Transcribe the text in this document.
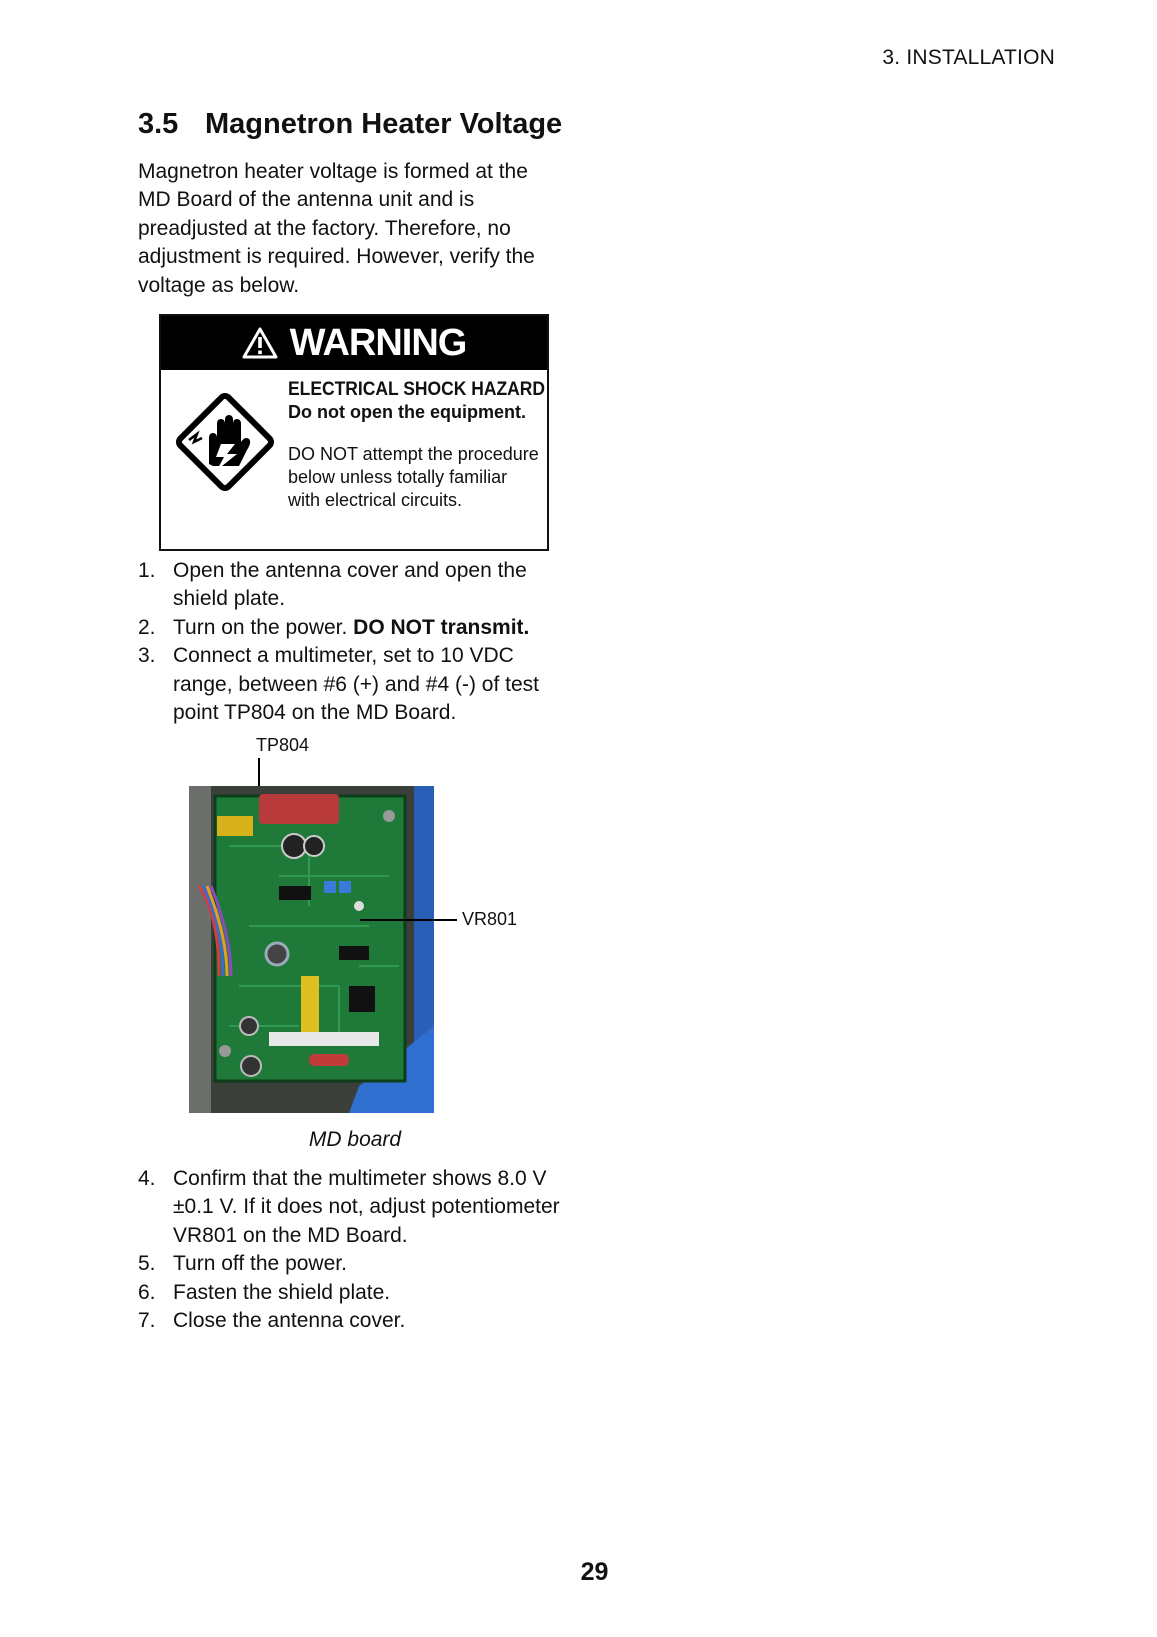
3. INSTALLATION
3.5 Magnetron Heater Voltage

Magnetron heater voltage is formed at the MD Board of the antenna unit and is preadjusted at the factory. Therefore, no adjustment is required. However, verify the voltage as below.

WARNING
ELECTRICAL SHOCK HAZARD
Do not open the equipment.
DO NOT attempt the procedure below unless totally familiar with electrical circuits.
1. Open the antenna cover and open the shield plate.
2. Turn on the power. DO NOT transmit.
3. Connect a multimeter, set to 10 VDC range, between #6 (+) and #4 (-) of test point TP804 on the MD Board.
TP804
VR801
MD board
4. Confirm that the multimeter shows 8.0 V ±0.1 V. If it does not, adjust potentiometer VR801 on the MD Board.
5. Turn off the power.
6. Fasten the shield plate.
7. Close the antenna cover.
29
